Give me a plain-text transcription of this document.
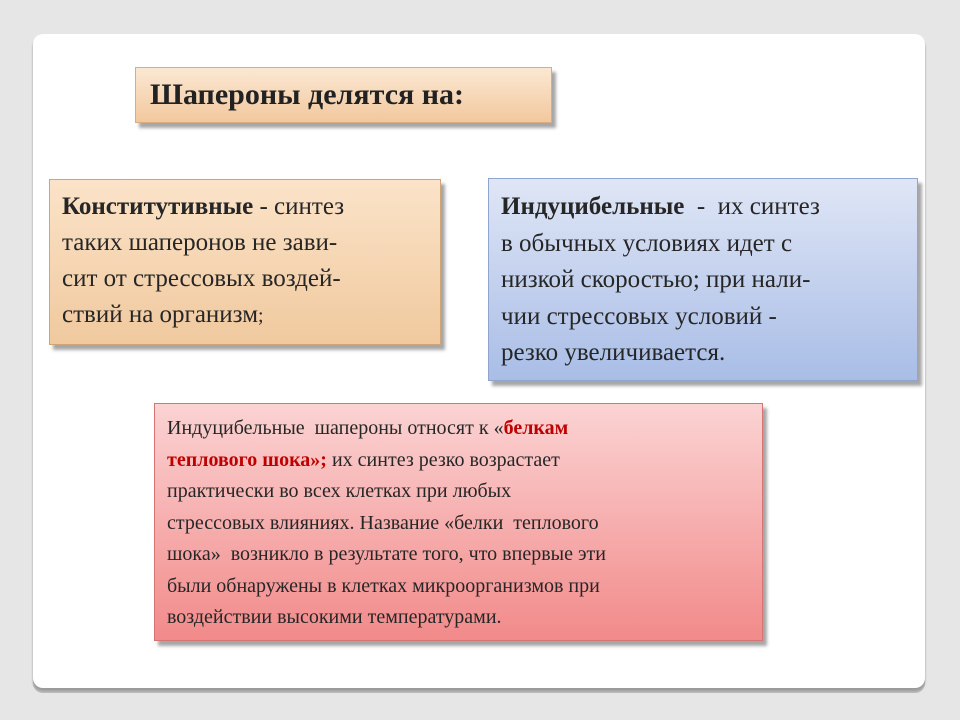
Шапероны делятся на:
Конститутивные - синтез
таких шаперонов не зави-
сит от стрессовых воздей-
ствий на организм;
Индуцибельные  -  их синтез
в обычных условиях идет с
низкой скоростью; при нали-
чии стрессовых условий -
резко увеличивается.
Индуцибельные  шапероны относят к «белкам
теплового шока»; их синтез резко возрастает
практически во всех клетках при любых
стрессовых влияниях. Название «белки  теплового
шока»  возникло в результате того, что впервые эти
были обнаружены в клетках микроорганизмов при
воздействии высокими температурами.
